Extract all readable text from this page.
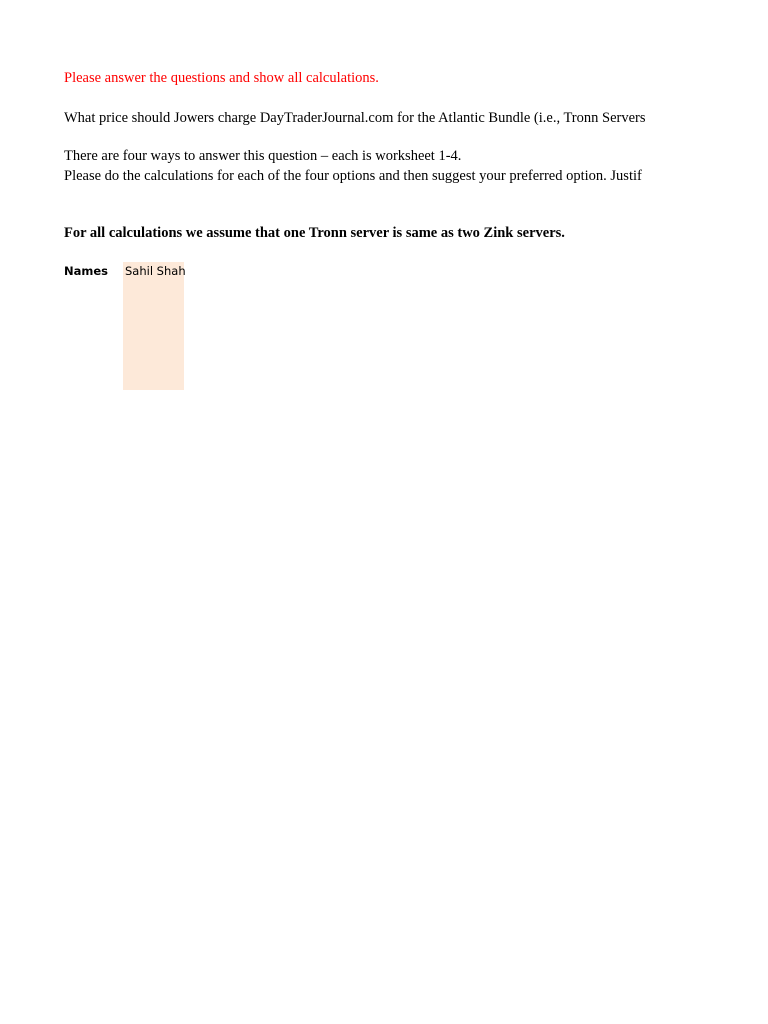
Please answer the questions and show all calculations.
What price should Jowers charge DayTraderJournal.com for the Atlantic Bundle (i.e., Tronn Servers
There are four ways to answer this question – each is worksheet 1-4.
Please do the calculations for each of the four options and then suggest your preferred option. Justif
For all calculations we assume that one Tronn server is same as two Zink servers.
Names Sahil Shah
